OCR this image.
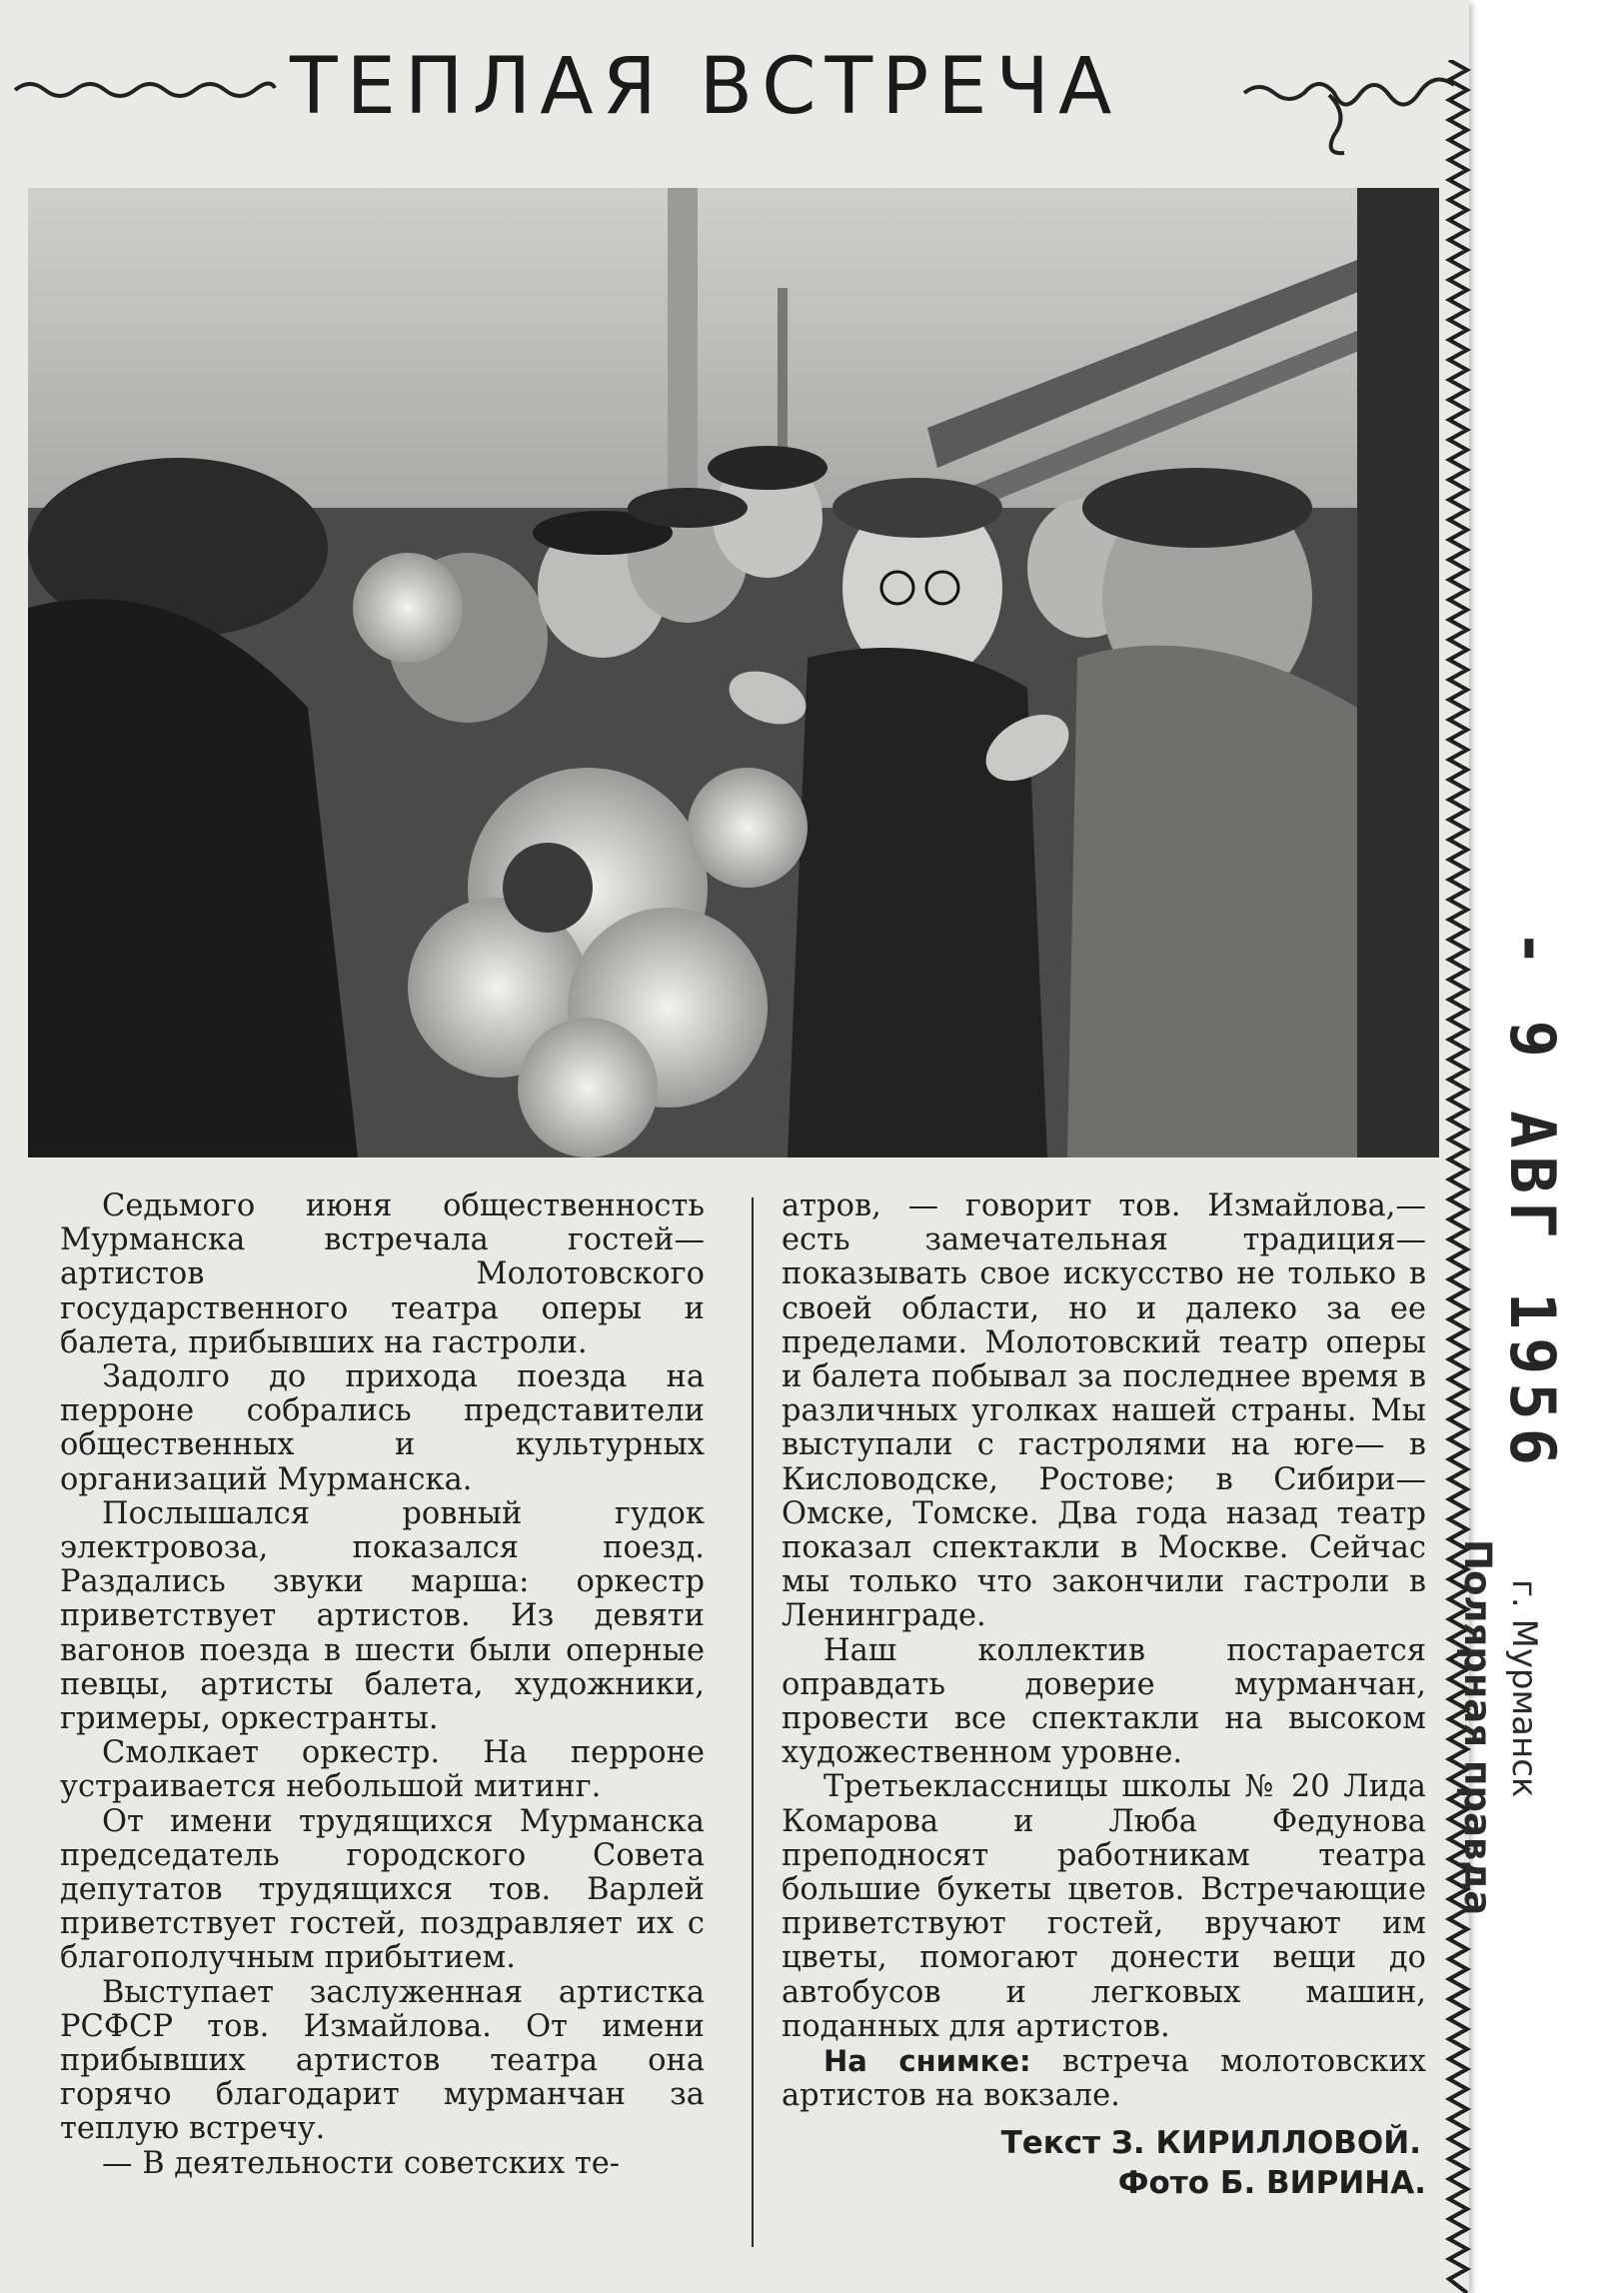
ТЕПЛАЯ ВСТРЕЧА

Седьмого июня общественность Мурманска встречала гостей—артистов Молотовского государственного театра оперы и балета, прибывших на гастроли.

Задолго до прихода поезда на перроне собрались представители общественных и культурных организаций Мурманска.

Послышался ровный гудок электровоза, показался поезд. Раздались звуки марша: оркестр приветствует артистов. Из девяти вагонов поезда в шести были оперные певцы, артисты балета, художники, гримеры, оркестранты.

Смолкает оркестр. На перроне устраивается небольшой митинг.

От имени трудящихся Мурманска председатель городского Совета депутатов трудящихся тов. Варлей приветствует гостей, поздравляет их с благополучным прибытием.

Выступает заслуженная артистка РСФСР тов. Измайлова. От имени прибывших артистов театра она горячо благодарит мурманчан за теплую встречу.

— В деятельности советских те-

атров, — говорит тов. Измайлова,— есть замечательная традиция—показывать свое искусство не только в своей области, но и далеко за ее пределами. Молотовский театр оперы и балета побывал за последнее время в различных уголках нашей страны. Мы выступали с гастролями на юге— в Кисловодске, Ростове; в Сибири—Омске, Томске. Два года назад театр показал спектакли в Москве. Сейчас мы только что закончили гастроли в Ленинграде.

Наш коллектив постарается оправдать доверие мурманчан, провести все спектакли на высоком художественном уровне.

Третьеклассницы школы № 20 Лида Комарова и Люба Федунова преподносят работникам театра большие букеты цветов. Встречающие приветствуют гостей, вручают им цветы, помогают донести вещи до автобусов и легковых машин, поданных для артистов.

На снимке: встреча молотовских артистов на вокзале.

Текст З. КИРИЛЛОВОЙ.
Фото Б. ВИРИНА.
- 9 АВГ 1956
Полярная правда г. Мурманск
